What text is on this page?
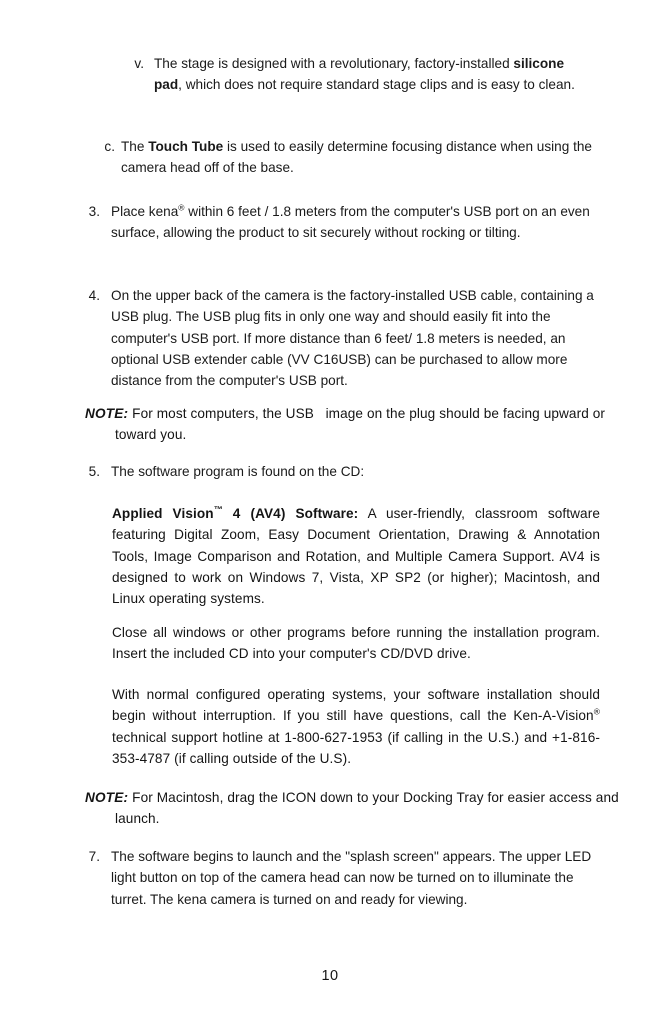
v. The stage is designed with a revolutionary, factory-installed silicone pad, which does not require standard stage clips and is easy to clean.
c. The Touch Tube is used to easily determine focusing distance when using the camera head off of the base.
3. Place kena® within 6 feet / 1.8 meters from the computer's USB port on an even surface, allowing the product to sit securely without rocking or tilting.
4. On the upper back of the camera is the factory-installed USB cable, containing a USB plug. The USB plug fits in only one way and should easily fit into the computer's USB port. If more distance than 6 feet/ 1.8 meters is needed, an optional USB extender cable (VV C16USB) can be purchased to allow more distance from the computer's USB port.
NOTE: For most computers, the USB image on the plug should be facing upward or toward you.
5. The software program is found on the CD:
Applied Vision™ 4 (AV4) Software: A user-friendly, classroom software featuring Digital Zoom, Easy Document Orientation, Drawing & Annotation Tools, Image Comparison and Rotation, and Multiple Camera Support. AV4 is designed to work on Windows 7, Vista, XP SP2 (or higher); Macintosh, and Linux operating systems.
Close all windows or other programs before running the installation program. Insert the included CD into your computer's CD/DVD drive.
With normal configured operating systems, your software installation should begin without interruption. If you still have questions, call the Ken-A-Vision® technical support hotline at 1-800-627-1953 (if calling in the U.S.) and +1-816-353-4787 (if calling outside of the U.S).
NOTE: For Macintosh, drag the ICON down to your Docking Tray for easier access and launch.
7. The software begins to launch and the "splash screen" appears. The upper LED light button on top of the camera head can now be turned on to illuminate the turret. The kena camera is turned on and ready for viewing.
10
